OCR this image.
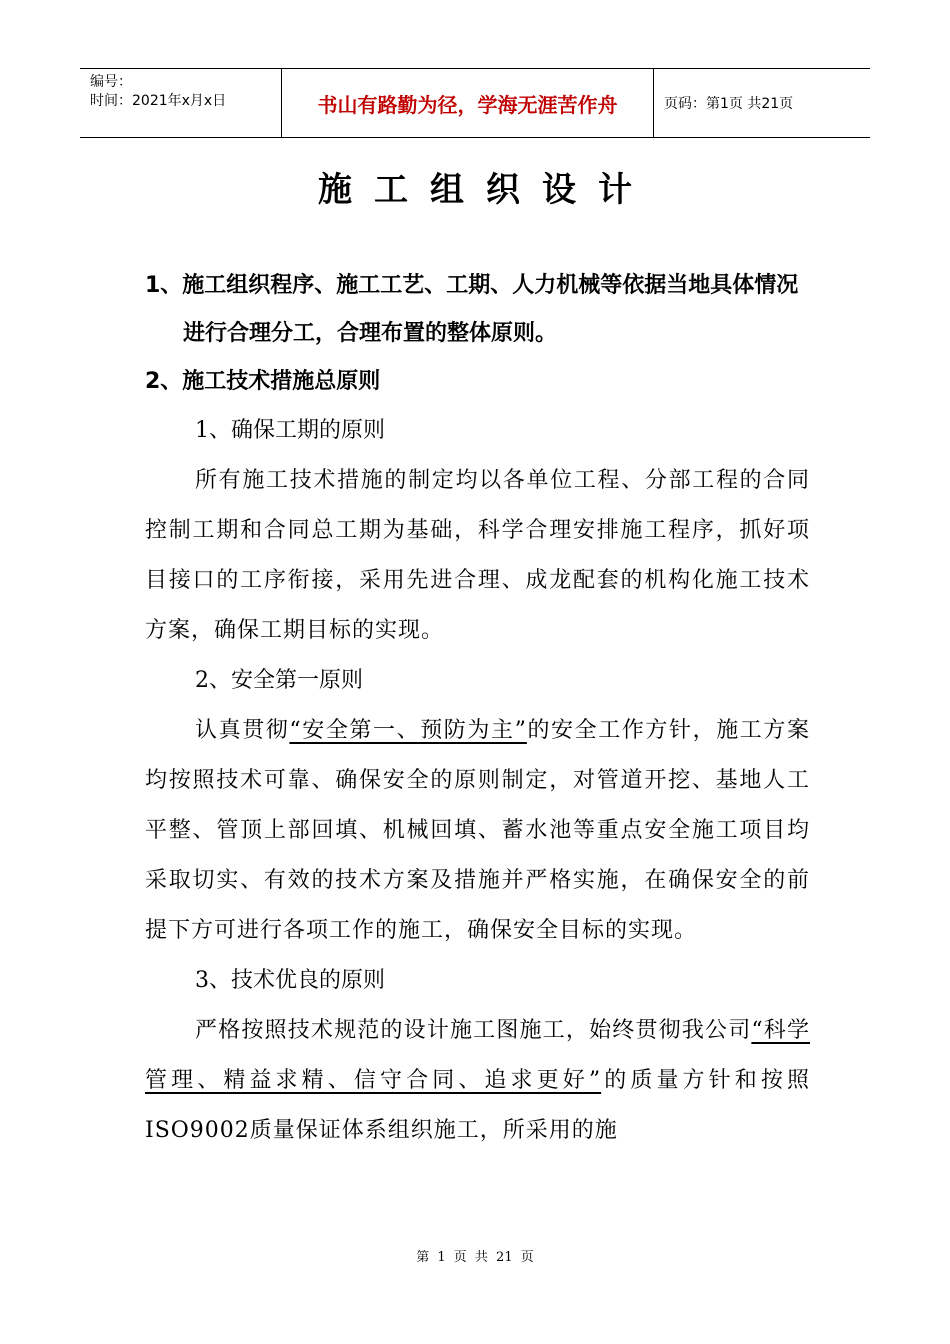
编号：
时间：2021年x月x日	书山有路勤为径，学海无涯苦作舟	页码：第1页 共21页
施工组织设计

1、施工组织程序、施工工艺、工期、人力机械等依据当地具体情况进行合理分工，合理布置的整体原则。

2、施工技术措施总原则

1、确保工期的原则

所有施工技术措施的制定均以各单位工程、分部工程的合同控制工期和合同总工期为基础，科学合理安排施工程序，抓好项目接口的工序衔接，采用先进合理、成龙配套的机构化施工技术方案，确保工期目标的实现。

2、安全第一原则

认真贯彻“安全第一、预防为主”的安全工作方针，施工方案均按照技术可靠、确保安全的原则制定，对管道开挖、基地人工平整、管顶上部回填、机械回填、蓄水池等重点安全施工项目均采取切实、有效的技术方案及措施并严格实施，在确保安全的前提下方可进行各项工作的施工，确保安全目标的实现。

3、技术优良的原则

严格按照技术规范的设计施工图施工，始终贯彻我公司“科学管理、精益求精、信守合同、追求更好”的质量方针和按照ISO9002质量保证体系组织施工，所采用的施

第 1 页 共 21 页
